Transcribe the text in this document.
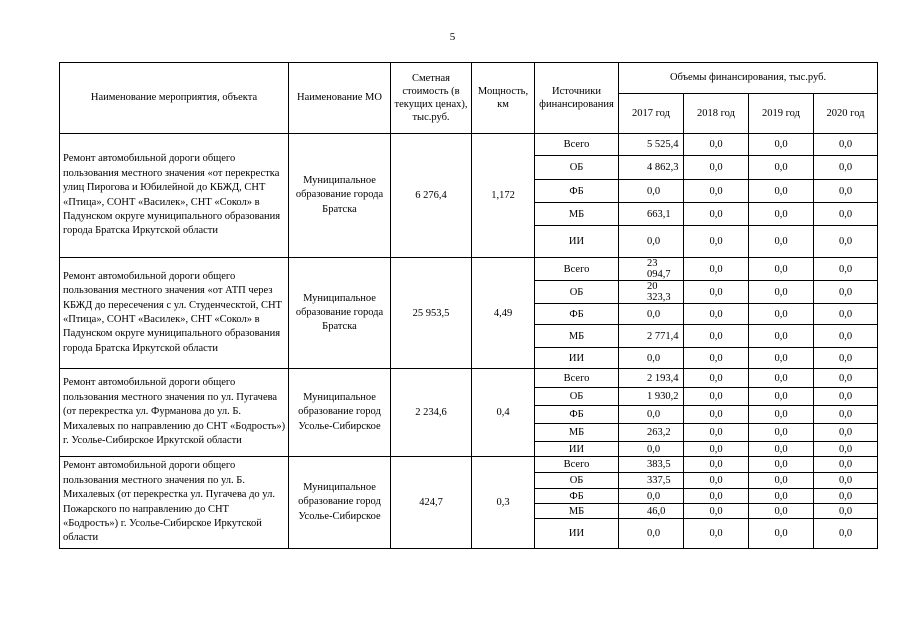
5
Наименование мероприятия, объекта	Наименование МО	Сметная стоимость (в текущих ценах), тыс.руб.	Мощность, км	Источники финансирования	Объемы финансирования, тыс.руб.			
					2017 год	2018 год	2019 год	2020 год
Ремонт автомобильной дороги общего пользования местного значения «от перекрестка улиц Пирогова и Юбилейной до КБЖД, СНТ «Птица», СОНТ «Василек», СНТ «Сокол» в Падунском округе муниципального образования города Братска Иркутской области	Муниципальное образование города Братска	6 276,4	1,172	Всего	5 525,4	0,0	0,0	0,0
				ОБ	4 862,3	0,0	0,0	0,0
				ФБ	0,0	0,0	0,0	0,0
				МБ	663,1	0,0	0,0	0,0
				ИИ	0,0	0,0	0,0	0,0
Ремонт автомобильной дороги общего пользования местного значения «от АТП через КБЖД до пересечения с ул. Студенческтой, СНТ «Птица», СОНТ «Василек», СНТ «Сокол» в Падунском округе муниципального образования города Братска Иркутской области	Муниципальное образование города Братска	25 953,5	4,49	Всего	23 094,7	0,0	0,0	0,0
				ОБ	20 323,3	0,0	0,0	0,0
				ФБ	0,0	0,0	0,0	0,0
				МБ	2 771,4	0,0	0,0	0,0
				ИИ	0,0	0,0	0,0	0,0
Ремонт автомобильной дороги общего пользования местного значения по ул. Пугачева (от перекрестка ул. Фурманова до ул. Б. Михалевых по направлению до СНТ «Бодрость») г. Усолье-Сибирское Иркутской области	Муниципальное образование город Усолье-Сибирское	2 234,6	0,4	Всего	2 193,4	0,0	0,0	0,0
				ОБ	1 930,2	0,0	0,0	0,0
				ФБ	0,0	0,0	0,0	0,0
				МБ	263,2	0,0	0,0	0,0
				ИИ	0,0	0,0	0,0	0,0
Ремонт автомобильной дороги общего пользования местного значения по ул. Б. Михалевых (от перекрестка ул. Пугачева до ул. Пожарского по направлению до СНТ «Бодрость») г. Усолье-Сибирское Иркутской области	Муниципальное образование город Усолье-Сибирское	424,7	0,3	Всего	383,5	0,0	0,0	0,0
				ОБ	337,5	0,0	0,0	0,0
				ФБ	0,0	0,0	0,0	0,0
				МБ	46,0	0,0	0,0	0,0
				ИИ	0,0	0,0	0,0	0,0
